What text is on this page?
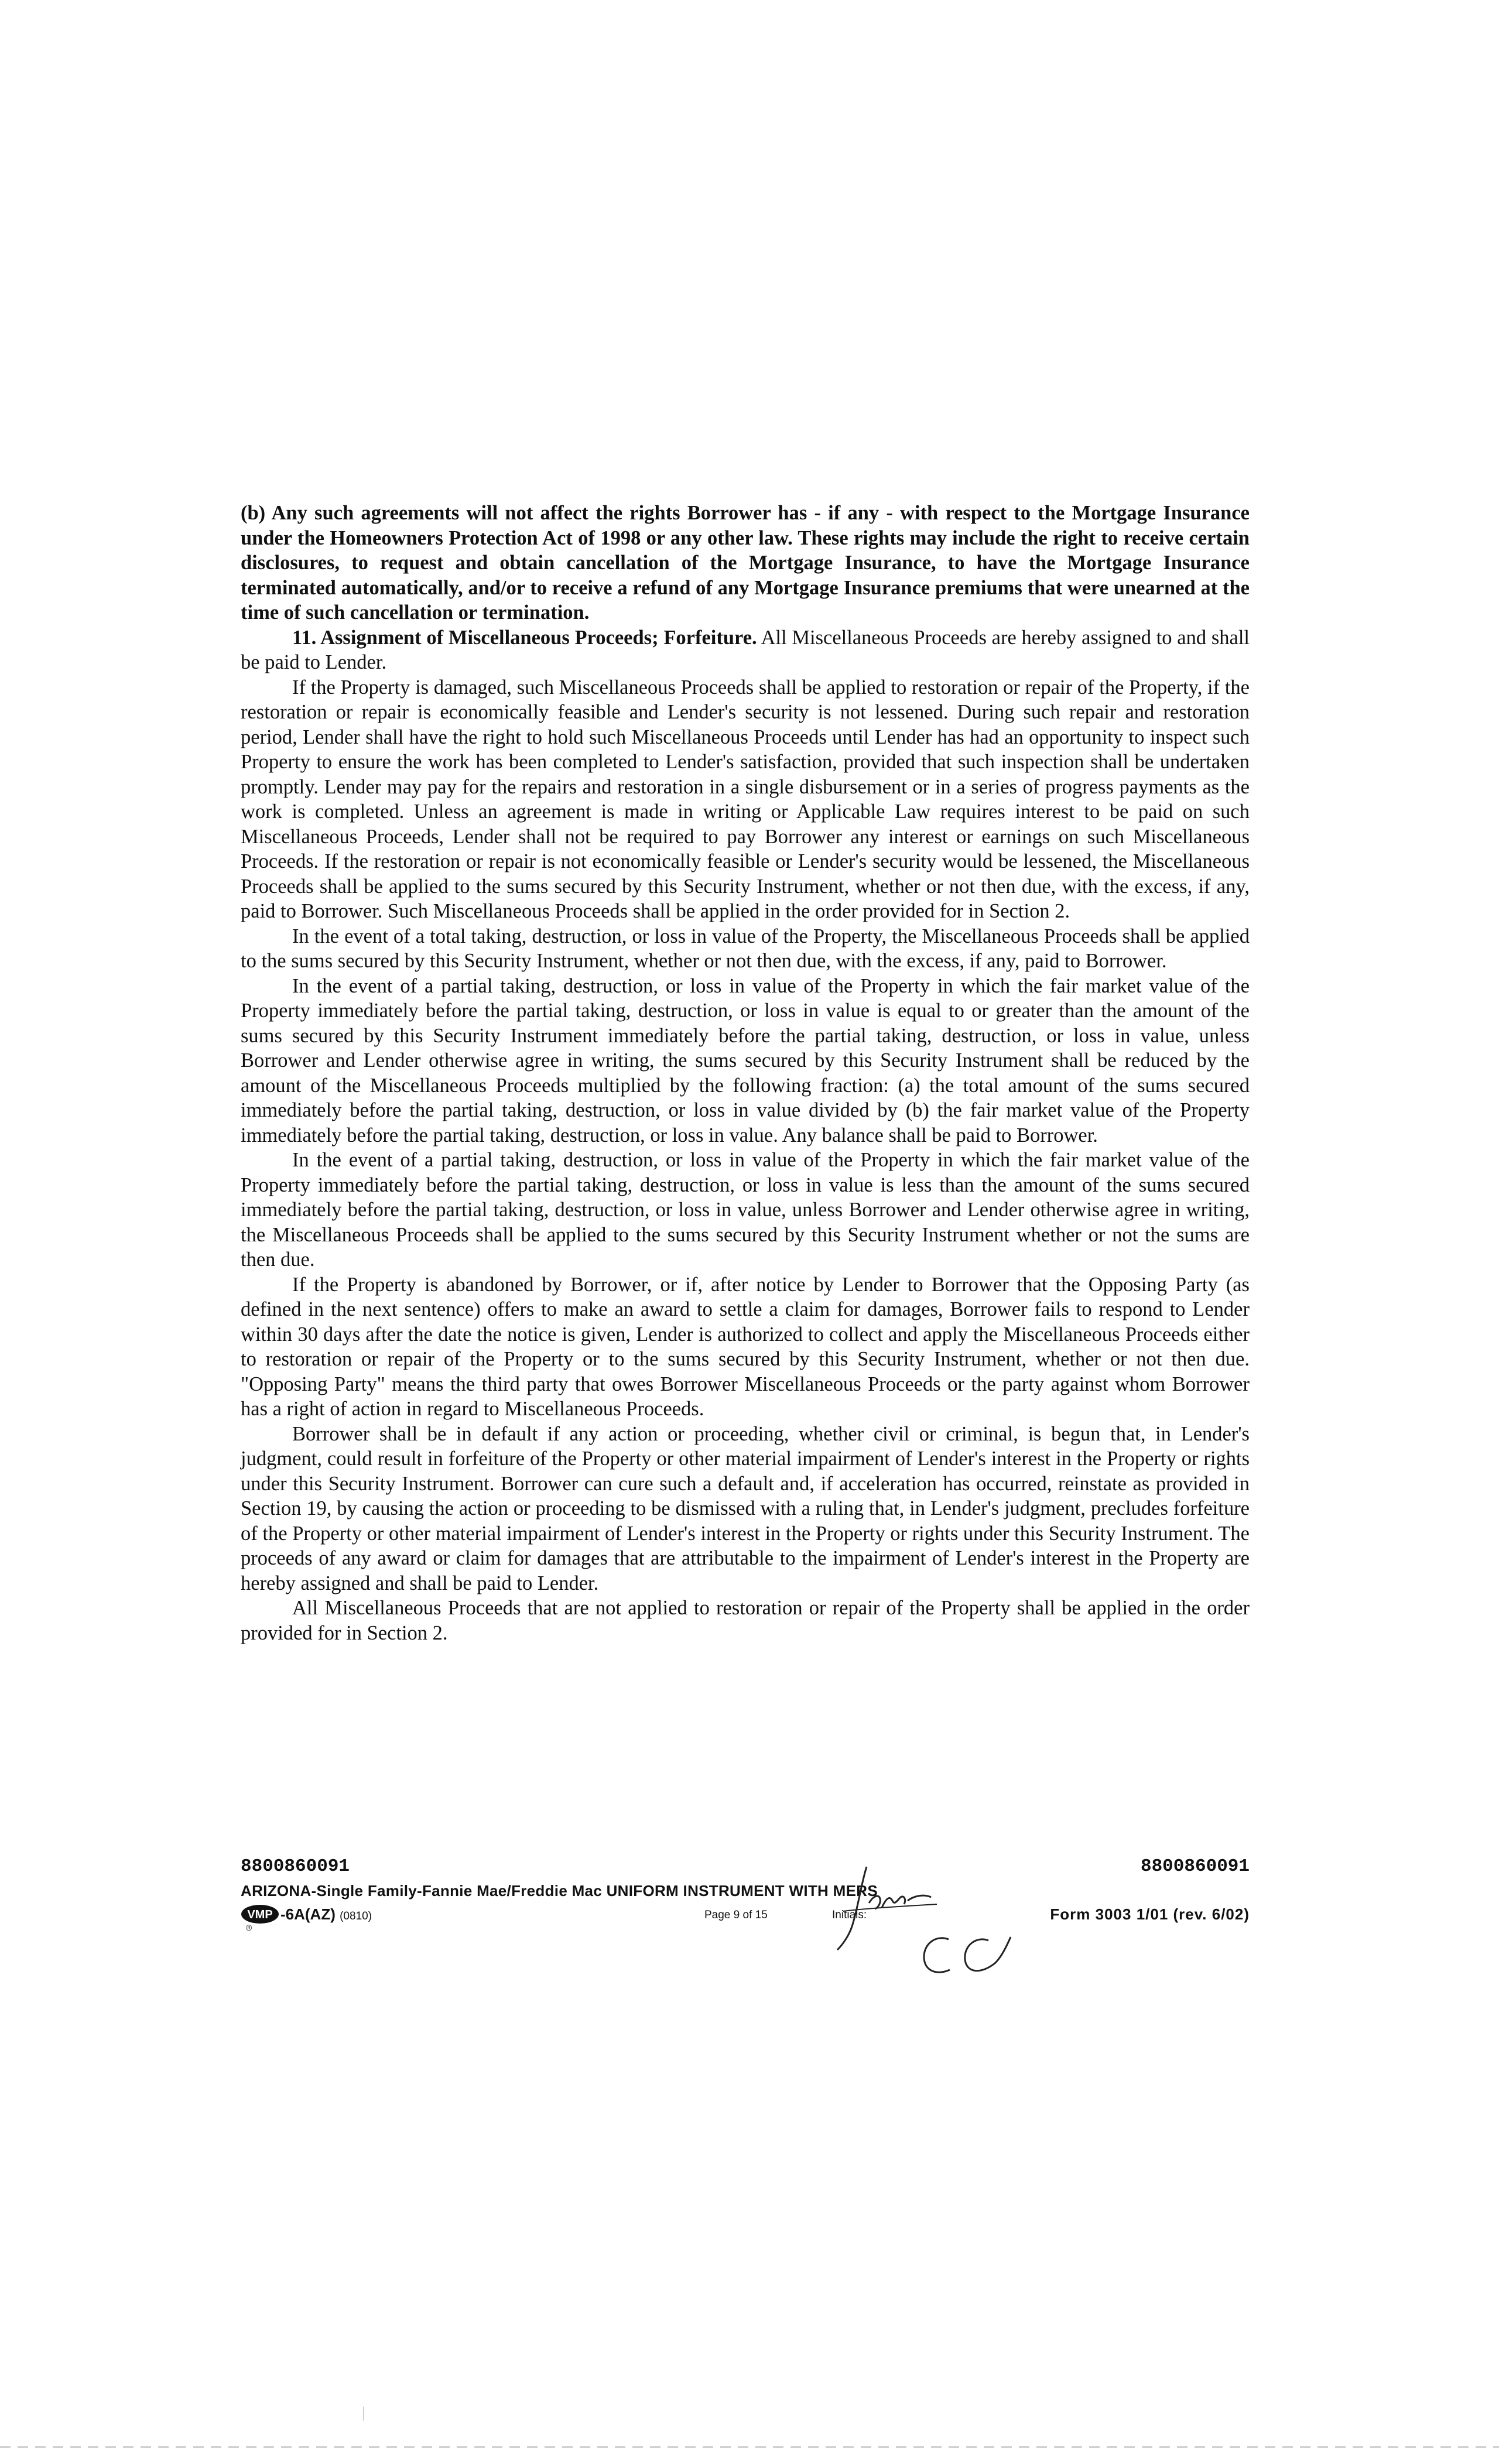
(b) Any such agreements will not affect the rights Borrower has - if any - with respect to the Mortgage Insurance under the Homeowners Protection Act of 1998 or any other law. These rights may include the right to receive certain disclosures, to request and obtain cancellation of the Mortgage Insurance, to have the Mortgage Insurance terminated automatically, and/or to receive a refund of any Mortgage Insurance premiums that were unearned at the time of such cancellation or termination.

11. Assignment of Miscellaneous Proceeds; Forfeiture. All Miscellaneous Proceeds are hereby assigned to and shall be paid to Lender.

If the Property is damaged, such Miscellaneous Proceeds shall be applied to restoration or repair of the Property, if the restoration or repair is economically feasible and Lender's security is not lessened. During such repair and restoration period, Lender shall have the right to hold such Miscellaneous Proceeds until Lender has had an opportunity to inspect such Property to ensure the work has been completed to Lender's satisfaction, provided that such inspection shall be undertaken promptly. Lender may pay for the repairs and restoration in a single disbursement or in a series of progress payments as the work is completed. Unless an agreement is made in writing or Applicable Law requires interest to be paid on such Miscellaneous Proceeds, Lender shall not be required to pay Borrower any interest or earnings on such Miscellaneous Proceeds. If the restoration or repair is not economically feasible or Lender's security would be lessened, the Miscellaneous Proceeds shall be applied to the sums secured by this Security Instrument, whether or not then due, with the excess, if any, paid to Borrower. Such Miscellaneous Proceeds shall be applied in the order provided for in Section 2.

In the event of a total taking, destruction, or loss in value of the Property, the Miscellaneous Proceeds shall be applied to the sums secured by this Security Instrument, whether or not then due, with the excess, if any, paid to Borrower.

In the event of a partial taking, destruction, or loss in value of the Property in which the fair market value of the Property immediately before the partial taking, destruction, or loss in value is equal to or greater than the amount of the sums secured by this Security Instrument immediately before the partial taking, destruction, or loss in value, unless Borrower and Lender otherwise agree in writing, the sums secured by this Security Instrument shall be reduced by the amount of the Miscellaneous Proceeds multiplied by the following fraction: (a) the total amount of the sums secured immediately before the partial taking, destruction, or loss in value divided by (b) the fair market value of the Property immediately before the partial taking, destruction, or loss in value. Any balance shall be paid to Borrower.

In the event of a partial taking, destruction, or loss in value of the Property in which the fair market value of the Property immediately before the partial taking, destruction, or loss in value is less than the amount of the sums secured immediately before the partial taking, destruction, or loss in value, unless Borrower and Lender otherwise agree in writing, the Miscellaneous Proceeds shall be applied to the sums secured by this Security Instrument whether or not the sums are then due.

If the Property is abandoned by Borrower, or if, after notice by Lender to Borrower that the Opposing Party (as defined in the next sentence) offers to make an award to settle a claim for damages, Borrower fails to respond to Lender within 30 days after the date the notice is given, Lender is authorized to collect and apply the Miscellaneous Proceeds either to restoration or repair of the Property or to the sums secured by this Security Instrument, whether or not then due. "Opposing Party" means the third party that owes Borrower Miscellaneous Proceeds or the party against whom Borrower has a right of action in regard to Miscellaneous Proceeds.

Borrower shall be in default if any action or proceeding, whether civil or criminal, is begun that, in Lender's judgment, could result in forfeiture of the Property or other material impairment of Lender's interest in the Property or rights under this Security Instrument. Borrower can cure such a default and, if acceleration has occurred, reinstate as provided in Section 19, by causing the action or proceeding to be dismissed with a ruling that, in Lender's judgment, precludes forfeiture of the Property or other material impairment of Lender's interest in the Property or rights under this Security Instrument. The proceeds of any award or claim for damages that are attributable to the impairment of Lender's interest in the Property are hereby assigned and shall be paid to Lender.

All Miscellaneous Proceeds that are not applied to restoration or repair of the Property shall be applied in the order provided for in Section 2.

8800860091	8800860091
ARIZONA-Single Family-Fannie Mae/Freddie Mac UNIFORM INSTRUMENT WITH MERS
VMP
®
-6A(AZ) (0810)	Page 9 of 15	Initials:	Form 3003 1/01 (rev. 6/02)
